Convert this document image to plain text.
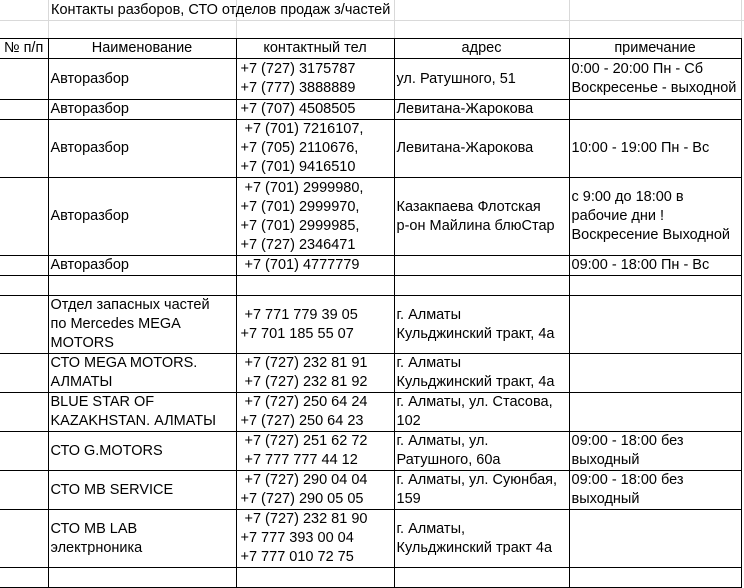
Контакты разборов, СТО отделов продаж з/частей
№ п/п	Наименование	контактный тел	адрес	примечание

	Авторазбор	+7 (727) 3175787
+7 (777) 3888889	ул. Ратушного, 51	0:00 - 20:00 Пн - Сб
Воскресенье - выходной

	Авторазбор	+7 (707) 4508505	Левитана-Жарокова	

	Авторазбор	+7 (701) 7216107,
+7 (705) 2110676,
+7 (701) 9416510	Левитана-Жарокова	10:00 - 19:00 Пн - Вс

	Авторазбор	+7 (701) 2999980,
+7 (701) 2999970,
+7 (701) 2999985,
+7 (727) 2346471	Казакпаева Флотская
р-он Майлина блюСтар	с 9:00 до 18:00 в
рабочие дни !
Воскресение Выходной

	Авторазбор	+7 (701) 4777779		09:00 - 18:00 Пн - Вс

	Отдел запасных частей
по Mercedes MEGA
MOTORS	+7 771 779 39 05
+7 701 185 55 07	г. Алматы
Кульджинский тракт, 4а	

	СТО MEGA MOTORS.
АЛМАТЫ	+7 (727) 232 81 91
+7 (727) 232 81 92	г. Алматы
Кульджинский тракт, 4а	

	BLUE STAR OF
KAZAKHSTAN. АЛМАТЫ	+7 (727) 250 64 24
+7 (727) 250 64 23	г. Алматы, ул. Стасова,
102	

	СТО G.MOTORS	+7 (727) 251 62 72
+7 777 777 44 12	г. Алматы, ул.
Ратушного, 60а	09:00 - 18:00 без
выходный

	СТО MB SERVICE	+7 (727) 290 04 04
+7 (727) 290 05 05	г. Алматы, ул. Суюнбая,
159	09:00 - 18:00 без
выходный

	СТО MB LAB
электрноника	+7 (727) 232 81 90
+7 777 393 00 04
+7 777 010 72 75	г. Алматы,
Кульджинский тракт 4а	
